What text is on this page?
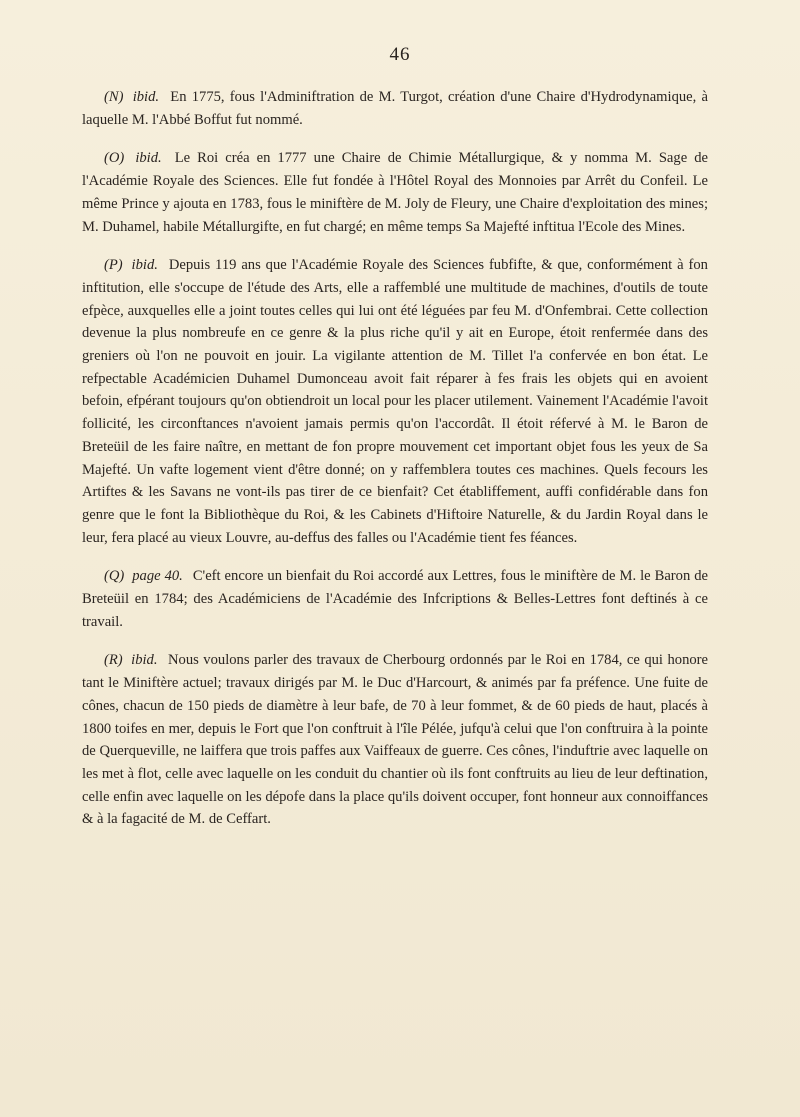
46

(N) ibid. En 1775, fous l'Adminiftration de M. Turgot, création d'une Chaire d'Hydrodynamique, à laquelle M. l'Abbé Boffut fut nommé.

(O) ibid. Le Roi créa en 1777 une Chaire de Chimie Métallurgique, & y nomma M. Sage de l'Académie Royale des Sciences. Elle fut fondée à l'Hôtel Royal des Monnoies par Arrêt du Confeil. Le même Prince y ajouta en 1783, fous le miniftère de M. Joly de Fleury, une Chaire d'exploitation des mines; M. Duhamel, habile Métallurgifte, en fut chargé; en même temps Sa Majefté inftitua l'Ecole des Mines.

(P) ibid. Depuis 119 ans que l'Académie Royale des Sciences fubfifte, & que, conformément à fon inftitution, elle s'occupe de l'étude des Arts, elle a raffemblé une multitude de machines, d'outils de toute efpèce, auxquelles elle a joint toutes celles qui lui ont été léguées par feu M. d'Onfembrai. Cette collection devenue la plus nombreufe en ce genre & la plus riche qu'il y ait en Europe, étoit renfermée dans des greniers où l'on ne pouvoit en jouir. La vigilante attention de M. Tillet l'a confervée en bon état. Le refpectable Académicien Duhamel Dumonceau avoit fait réparer à fes frais les objets qui en avoient befoin, efpérant toujours qu'on obtiendroit un local pour les placer utilement. Vainement l'Académie l'avoit follicité, les circonftances n'avoient jamais permis qu'on l'accordât. Il étoit réfervé à M. le Baron de Breteüil de les faire naître, en mettant de fon propre mouvement cet important objet fous les yeux de Sa Majefté. Un vafte logement vient d'être donné; on y raffemblera toutes ces machines. Quels fecours les Artiftes & les Savans ne vont-ils pas tirer de ce bienfait? Cet établiffement, auffi confidérable dans fon genre que le font la Bibliothèque du Roi, & les Cabinets d'Hiftoire Naturelle, & du Jardin Royal dans le leur, fera placé au vieux Louvre, au-deffus des falles ou l'Académie tient fes féances.

(Q) page 40. C'eft encore un bienfait du Roi accordé aux Lettres, fous le miniftère de M. le Baron de Breteüil en 1784; des Académiciens de l'Académie des Infcriptions & Belles-Lettres font deftinés à ce travail.

(R) ibid. Nous voulons parler des travaux de Cherbourg ordonnés par le Roi en 1784, ce qui honore tant le Miniftère actuel; travaux dirigés par M. le Duc d'Harcourt, & animés par fa préfence. Une fuite de cônes, chacun de 150 pieds de diamètre à leur bafe, de 70 à leur fommet, & de 60 pieds de haut, placés à 1800 toifes en mer, depuis le Fort que l'on conftruit à l'île Pélée, jufqu'à celui que l'on conftruira à la pointe de Querqueville, ne laiffera que trois paffes aux Vaiffeaux de guerre. Ces cônes, l'induftrie avec laquelle on les met à flot, celle avec laquelle on les conduit du chantier où ils font conftruits au lieu de leur deftination, celle enfin avec laquelle on les dépofe dans la place qu'ils doivent occuper, font honneur aux connoiffances & à la fagacité de M. de Ceffart.
